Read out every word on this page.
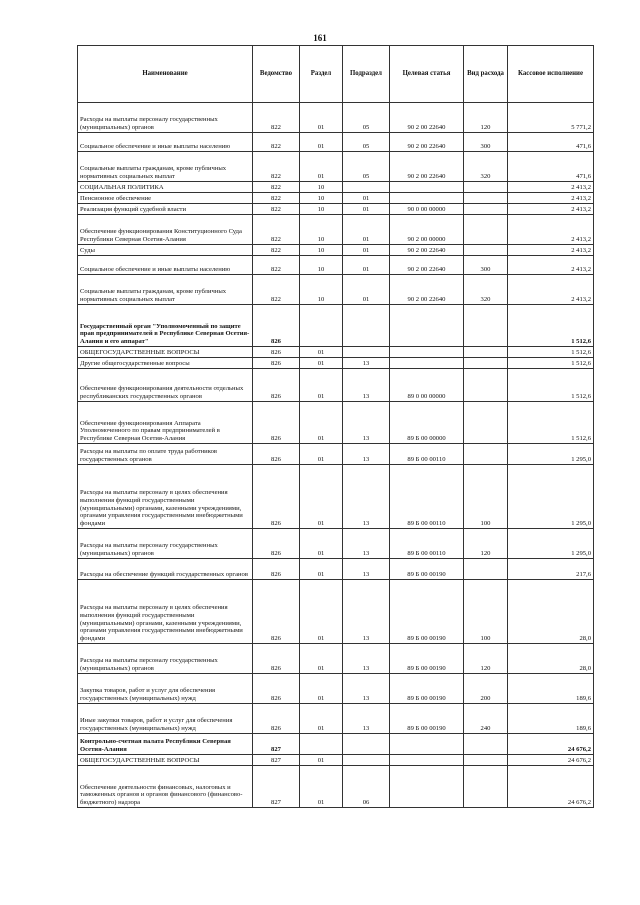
161
Наименование	Ведомство	Раздел	Подраздел	Целевая статья	Вид расхода	Кассовое исполнение
Расходы на выплаты персоналу государственных (муниципальных) органов	822	01	05	90 2 00 22640	120	5 771,2
Социальное обеспечение и иные выплаты населению	822	01	05	90 2 00 22640	300	471,6
Социальные выплаты гражданам, кроме публичных нормативных социальных выплат	822	01	05	90 2 00 22640	320	471,6
СОЦИАЛЬНАЯ ПОЛИТИКА	822	10				2 413,2
Пенсионное обеспечение	822	10	01			2 413,2
Реализация функций судебной власти	822	10	01	90 0 00 00000		2 413,2
Обеспечение функционирования Конституционного Суда Республики Северная Осетия-Алания	822	10	01	90 2 00 00000		2 413,2
Суды	822	10	01	90 2 00 22640		2 413,2
Социальное обеспечение и иные выплаты населению	822	10	01	90 2 00 22640	300	2 413,2
Социальные выплаты гражданам, кроме публичных нормативных социальных выплат	822	10	01	90 2 00 22640	320	2 413,2
Государственный орган "Уполномоченный по защите прав предпринимателей в Республике Северная Осетия-Алания и его аппарат"	826					1 512,6
ОБЩЕГОСУДАРСТВЕННЫЕ ВОПРОСЫ	826	01				1 512,6
Другие общегосударственные вопросы	826	01	13			1 512,6
Обеспечение функционирования деятельности отдельных республиканских государственных органов	826	01	13	89 0 00 00000		1 512,6
Обеспечение функционирования Аппарата Уполномоченного по правам предпринимателей в Республике Северная Осетия-Алания	826	01	13	89 Б 00 00000		1 512,6
Расходы на выплаты по оплате труда работников государственных органов	826	01	13	89 Б 00 00110		1 295,0
Расходы на выплаты персоналу в целях обеспечения выполнения функций государственными (муниципальными) органами, казенными учреждениями, органами управления государственными внебюджетными фондами	826	01	13	89 Б 00 00110	100	1 295,0
Расходы на выплаты персоналу государственных (муниципальных) органов	826	01	13	89 Б 00 00110	120	1 295,0
Расходы на обеспечение функций государственных органов	826	01	13	89 Б 00 00190		217,6
Расходы на выплаты персоналу в целях обеспечения выполнения функций государственными (муниципальными) органами, казенными учреждениями, органами управления государственными внебюджетными фондами	826	01	13	89 Б 00 00190	100	28,0
Расходы на выплаты персоналу государственных (муниципальных) органов	826	01	13	89 Б 00 00190	120	28,0
Закупка товаров, работ и услуг для обеспечения государственных (муниципальных) нужд	826	01	13	89 Б 00 00190	200	189,6
Иные закупки товаров, работ и услуг для обеспечения государственных (муниципальных) нужд	826	01	13	89 Б 00 00190	240	189,6
Контрольно-счетная палата Республики Северная Осетия-Алания	827					24 676,2
ОБЩЕГОСУДАРСТВЕННЫЕ ВОПРОСЫ	827	01				24 676,2
Обеспечение деятельности финансовых, налоговых и таможенных органов и органов финансового (финансово-бюджетного) надзора	827	01	06			24 676,2
